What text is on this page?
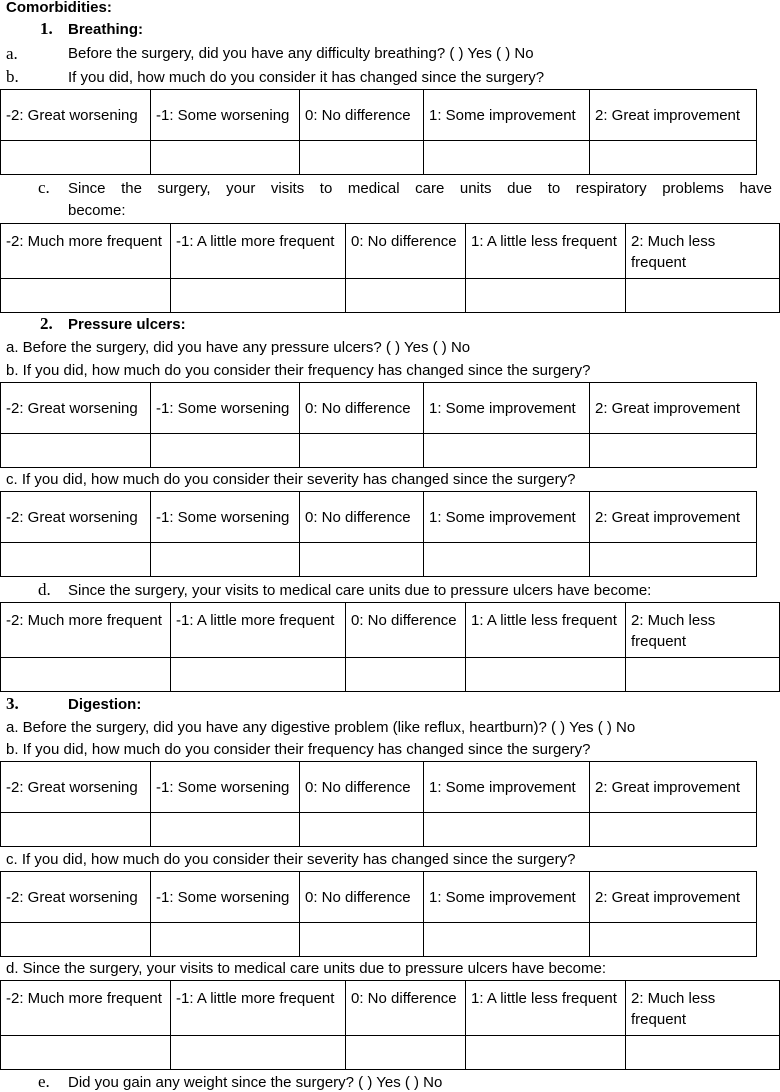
Comorbidities:
1. Breathing:
a.	Before the surgery, did you have any difficulty breathing? ( ) Yes ( ) No
b.	If you did, how much do you consider it has changed since the surgery?
-2: Great worsening	-1: Some worsening	0: No difference	1: Some improvement	2: Great improvement

c. Since the surgery, your visits to medical care units due to respiratory problems have
become:
-2: Much more frequent	-1: A little more frequent	0: No difference	1: A little less frequent	2: Much less frequent

2. Pressure ulcers:
a. Before the surgery, did you have any pressure ulcers? ( ) Yes ( ) No
b. If you did, how much do you consider their frequency has changed since the surgery?
-2: Great worsening	-1: Some worsening	0: No difference	1: Some improvement	2: Great improvement

c. If you did, how much do you consider their severity has changed since the surgery?
-2: Great worsening	-1: Some worsening	0: No difference	1: Some improvement	2: Great improvement

d. Since the surgery, your visits to medical care units due to pressure ulcers have become:
-2: Much more frequent	-1: A little more frequent	0: No difference	1: A little less frequent	2: Much less frequent

3.	Digestion:
a. Before the surgery, did you have any digestive problem (like reflux, heartburn)? ( ) Yes ( ) No
b. If you did, how much do you consider their frequency has changed since the surgery?
-2: Great worsening	-1: Some worsening	0: No difference	1: Some improvement	2: Great improvement

c. If you did, how much do you consider their severity has changed since the surgery?
-2: Great worsening	-1: Some worsening	0: No difference	1: Some improvement	2: Great improvement

d. Since the surgery, your visits to medical care units due to pressure ulcers have become:
-2: Much more frequent	-1: A little more frequent	0: No difference	1: A little less frequent	2: Much less frequent

e. Did you gain any weight since the surgery? ( ) Yes ( ) No
